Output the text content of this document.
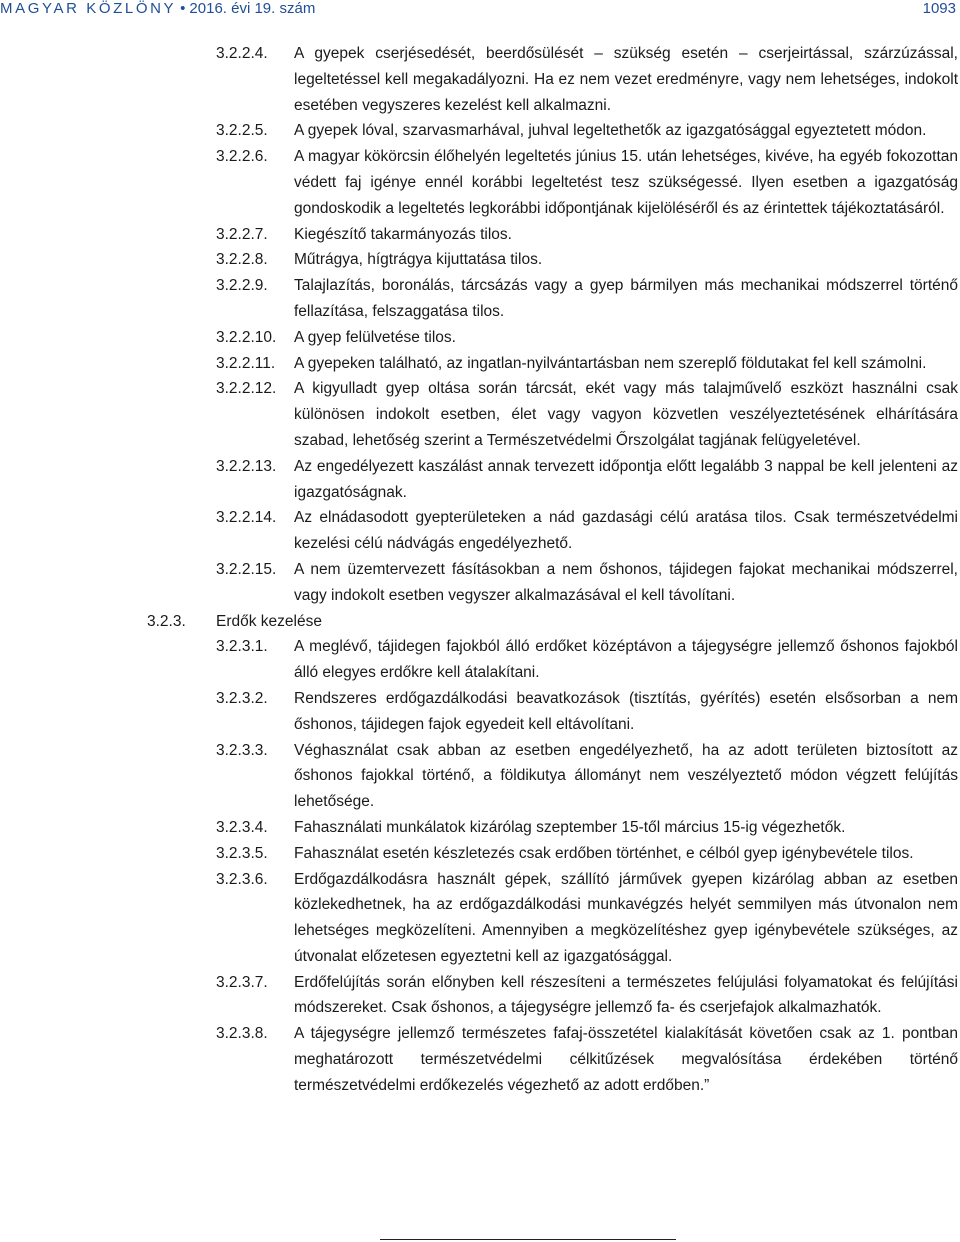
MAGYAR KÖZLÖNY • 2016. évi 19. szám	1093
3.2.2.4. A gyepek cserjésedését, beerdősülését – szükség esetén – cserjeirtással, szárzúzással, legeltetéssel kell megakadályozni. Ha ez nem vezet eredményre, vagy nem lehetséges, indokolt esetében vegyszeres kezelést kell alkalmazni.
3.2.2.5. A gyepek lóval, szarvasmarhával, juhval legeltethetők az igazgatósággal egyeztetett módon.
3.2.2.6. A magyar kökörcsin élőhelyén legeltetés június 15. után lehetséges, kivéve, ha egyéb fokozottan védett faj igénye ennél korábbi legeltetést tesz szükségessé. Ilyen esetben a igazgatóság gondoskodik a legeltetés legkorábbi időpontjának kijelöléséről és az érintettek tájékoztatásáról.
3.2.2.7. Kiegészítő takarmányozás tilos.
3.2.2.8. Műtrágya, hígtrágya kijuttatása tilos.
3.2.2.9. Talajlazítás, boronálás, tárcsázás vagy a gyep bármilyen más mechanikai módszerrel történő fellazítása, felszaggatása tilos.
3.2.2.10. A gyep felülvetése tilos.
3.2.2.11. A gyepeken található, az ingatlan-nyilvántartásban nem szereplő földutakat fel kell számolni.
3.2.2.12. A kigyulladt gyep oltása során tárcsát, ekét vagy más talajművelő eszközt használni csak különösen indokolt esetben, élet vagy vagyon közvetlen veszélyeztetésének elhárítására szabad, lehetőség szerint a Természetvédelmi Őrszolgálat tagjának felügyeletével.
3.2.2.13. Az engedélyezett kaszálást annak tervezett időpontja előtt legalább 3 nappal be kell jelenteni az igazgatóságnak.
3.2.2.14. Az elnádasodott gyepterületeken a nád gazdasági célú aratása tilos. Csak természetvédelmi kezelési célú nádvágás engedélyezhető.
3.2.2.15. A nem üzemtervezett fásításokban a nem őshonos, tájidegen fajokat mechanikai módszerrel, vagy indokolt esetben vegyszer alkalmazásával el kell távolítani.
3.2.3. Erdők kezelése
3.2.3.1. A meglévő, tájidegen fajokból álló erdőket középtávon a tájegységre jellemző őshonos fajokból álló elegyes erdőkre kell átalakítani.
3.2.3.2. Rendszeres erdőgazdálkodási beavatkozások (tisztítás, gyérítés) esetén elsősorban a nem őshonos, tájidegen fajok egyedeit kell eltávolítani.
3.2.3.3. Véghasználat csak abban az esetben engedélyezhető, ha az adott területen biztosított az őshonos fajokkal történő, a földikutya állományt nem veszélyeztető módon végzett felújítás lehetősége.
3.2.3.4. Fahasználati munkálatok kizárólag szeptember 15-től március 15-ig végezhetők.
3.2.3.5. Fahasználat esetén készletezés csak erdőben történhet, e célból gyep igénybevétele tilos.
3.2.3.6. Erdőgazdálkodásra használt gépek, szállító járművek gyepen kizárólag abban az esetben közlekedhetnek, ha az erdőgazdálkodási munkavégzés helyét semmilyen más útvonalon nem lehetséges megközelíteni. Amennyiben a megközelítéshez gyep igénybevétele szükséges, az útvonalat előzetesen egyeztetni kell az igazgatósággal.
3.2.3.7. Erdőfelújítás során előnyben kell részesíteni a természetes felújulási folyamatokat és felújítási módszereket. Csak őshonos, a tájegységre jellemző fa- és cserjefajok alkalmazhatók.
3.2.3.8. A tájegységre jellemző természetes fafaj-összetétel kialakítását követően csak az 1. pontban meghatározott természetvédelmi célkitűzések megvalósítása érdekében történő természetvédelmi erdőkezelés végezhető az adott erdőben.”
